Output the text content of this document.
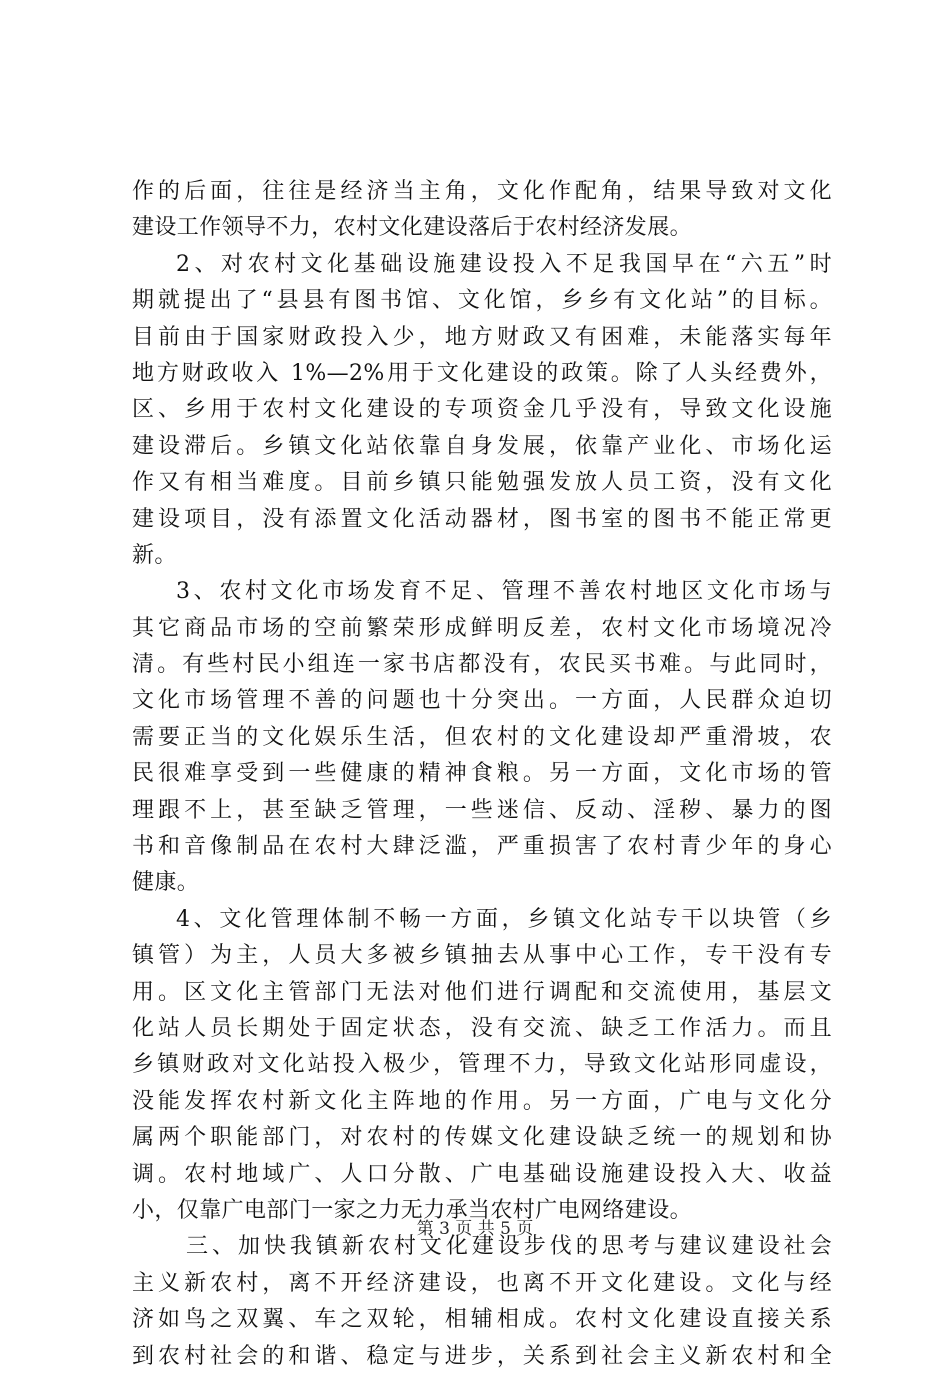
作的后面，往往是经济当主角，文化作配角，结果导致对文化
建设工作领导不力，农村文化建设落后于农村经济发展。
2、对农村文化基础设施建设投入不足我国早在“六五”时
期就提出了“县县有图书馆、文化馆，乡乡有文化站”的目标。
目前由于国家财政投入少，地方财政又有困难，未能落实每年
地方财政收入 1%—2%用于文化建设的政策。除了人头经费外，
区、乡用于农村文化建设的专项资金几乎没有，导致文化设施
建设滞后。乡镇文化站依靠自身发展，依靠产业化、市场化运
作又有相当难度。目前乡镇只能勉强发放人员工资，没有文化
建设项目，没有添置文化活动器材，图书室的图书不能正常更
新。
3、农村文化市场发育不足、管理不善农村地区文化市场与
其它商品市场的空前繁荣形成鲜明反差，农村文化市场境况冷
清。有些村民小组连一家书店都没有，农民买书难。与此同时，
文化市场管理不善的问题也十分突出。一方面，人民群众迫切
需要正当的文化娱乐生活，但农村的文化建设却严重滑坡，农
民很难享受到一些健康的精神食粮。另一方面，文化市场的管
理跟不上，甚至缺乏管理，一些迷信、反动、淫秽、暴力的图
书和音像制品在农村大肆泛滥，严重损害了农村青少年的身心
健康。
4、文化管理体制不畅一方面，乡镇文化站专干以块管（乡
镇管）为主，人员大多被乡镇抽去从事中心工作，专干没有专
用。区文化主管部门无法对他们进行调配和交流使用，基层文
化站人员长期处于固定状态，没有交流、缺乏工作活力。而且
乡镇财政对文化站投入极少，管理不力，导致文化站形同虚设，
没能发挥农村新文化主阵地的作用。另一方面，广电与文化分
属两个职能部门，对农村的传媒文化建设缺乏统一的规划和协
调。农村地域广、人口分散、广电基础设施建设投入大、收益
小，仅靠广电部门一家之力无力承当农村广电网络建设。
三、加快我镇新农村文化建设步伐的思考与建议建设社会
主义新农村，离不开经济建设，也离不开文化建设。文化与经
济如鸟之双翼、车之双轮，相辅相成。农村文化建设直接关系
到农村社会的和谐、稳定与进步，关系到社会主义新农村和全
第 3 页 共 5 页
